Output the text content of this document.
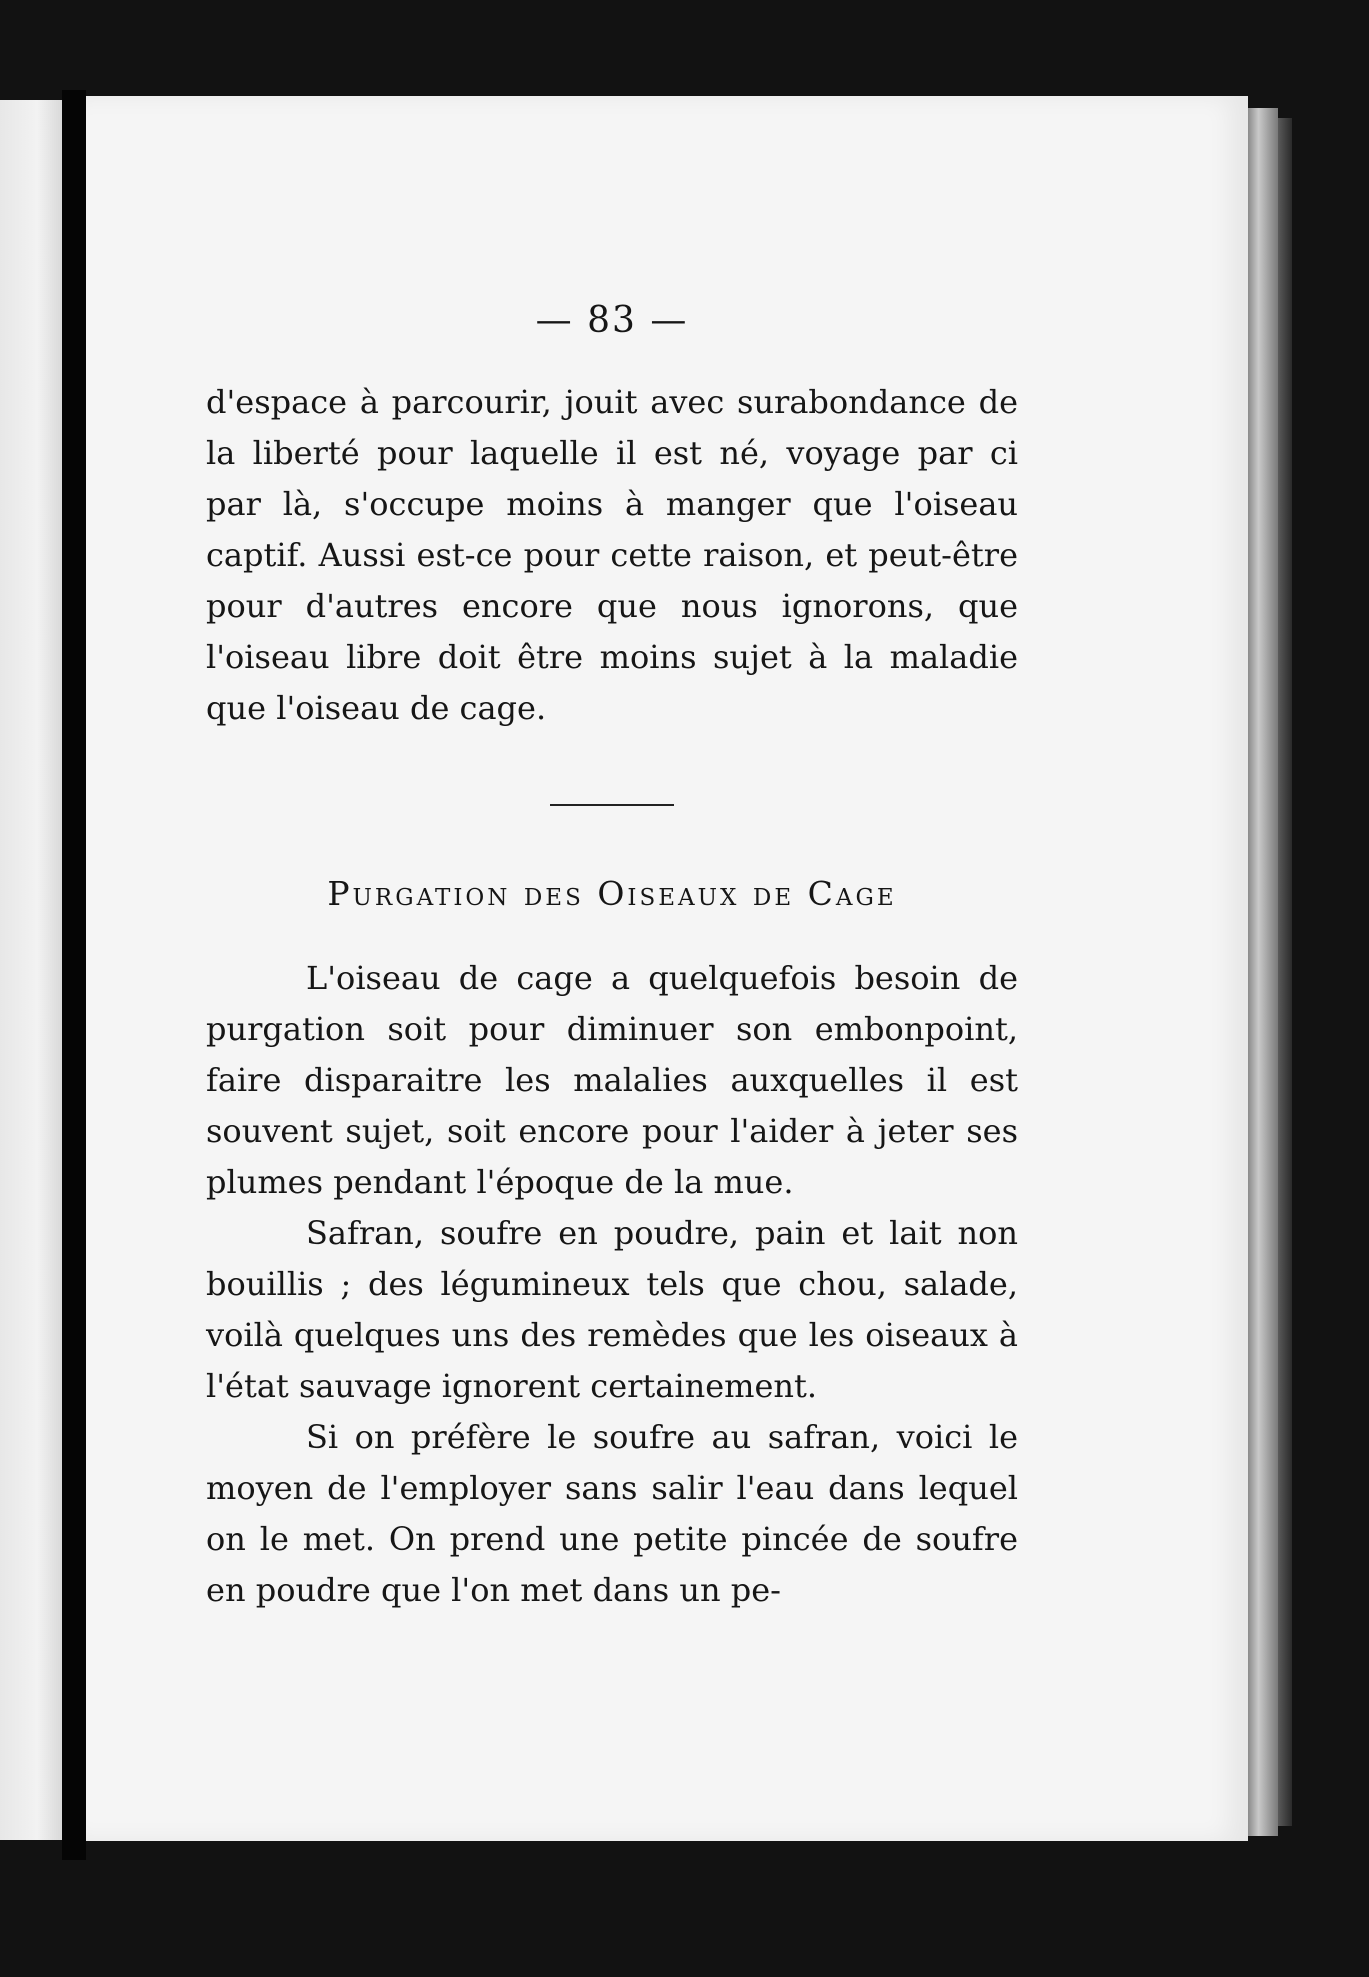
— 83 —

d'espace à parcourir, jouit avec surabondance de la liberté pour laquelle il est né, voyage par ci par là, s'occupe moins à manger que l'oiseau captif. Aussi est-ce pour cette raison, et peut-être pour d'autres encore que nous ignorons, que l'oiseau libre doit être moins sujet à la maladie que l'oiseau de cage.

Purgation des Oiseaux de Cage

L'oiseau de cage a quelquefois besoin de purgation soit pour diminuer son embonpoint, faire disparaitre les malalies auxquelles il est souvent sujet, soit encore pour l'aider à jeter ses plumes pendant l'époque de la mue.

Safran, soufre en poudre, pain et lait non bouillis ; des légumineux tels que chou, salade, voilà quelques uns des remèdes que les oiseaux à l'état sauvage ignorent certainement.

Si on préfère le soufre au safran, voici le moyen de l'employer sans salir l'eau dans lequel on le met. On prend une petite pincée de soufre en poudre que l'on met dans un pe-
